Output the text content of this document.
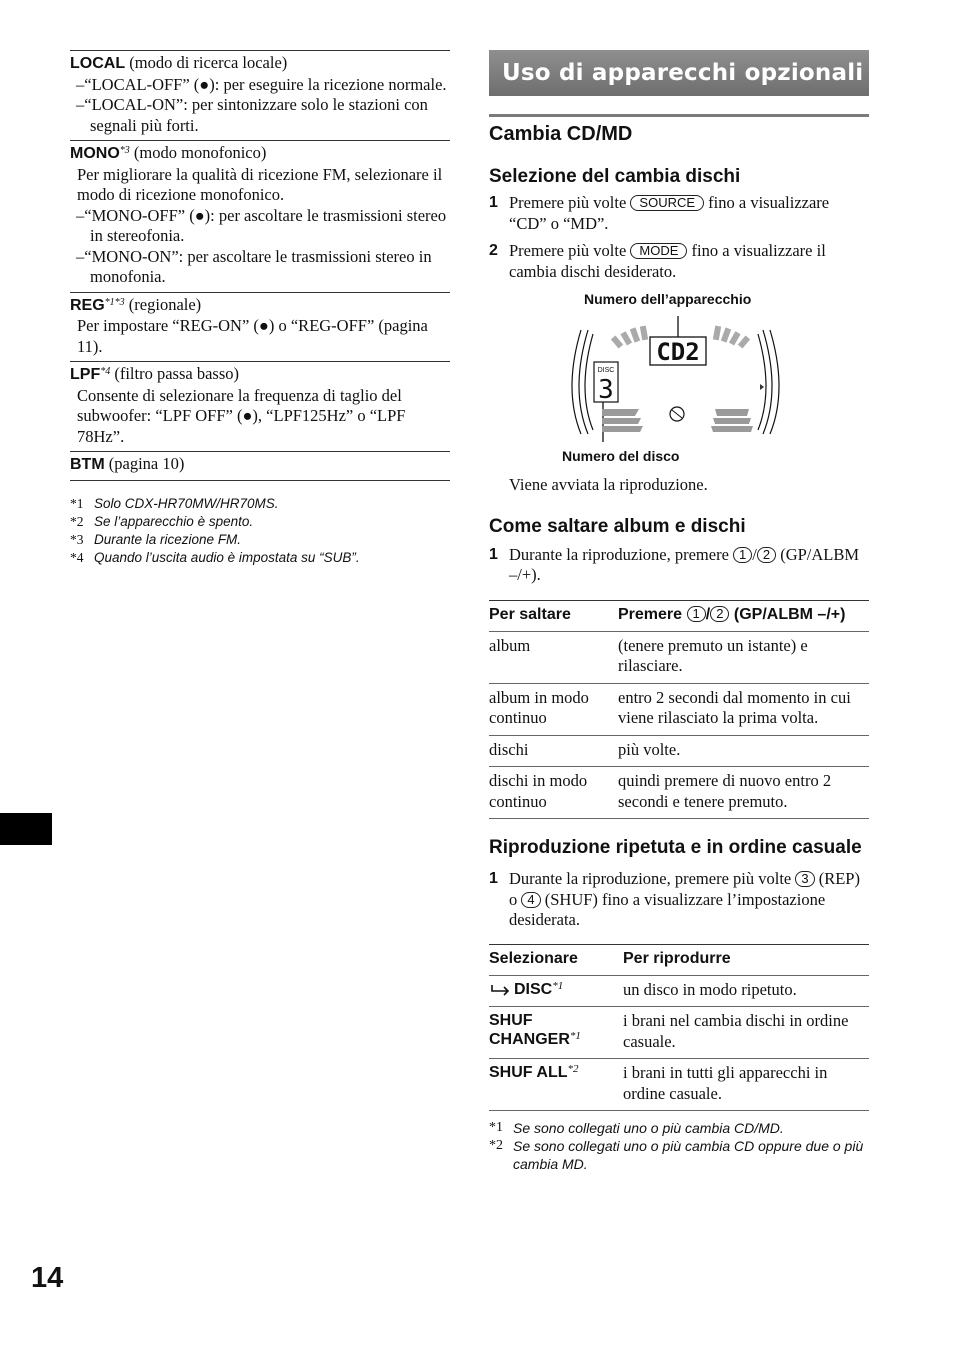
LOCAL (modo di ricerca locale)
–“LOCAL-OFF” (●): per eseguire la ricezione normale.
–“LOCAL-ON”: per sintonizzare solo le stazioni con segnali più forti.
MONO$^{*3}$ (modo monofonico)
Per migliorare la qualità di ricezione FM, selezionare il modo di ricezione monofonico.
–“MONO-OFF” (●): per ascoltare le trasmissioni stereo in stereofonia.
–“MONO-ON”: per ascoltare le trasmissioni stereo in monofonia.
$REG^{*1*3}$ (regionale)
Per impostare “REG-ON” (●) o “REG-OFF” (pagina 11).
LPF$^{*4}$ (filtro passa basso)
Consente di selezionare la frequenza di taglio del subwoofer: “LPF OFF” (●), “LPF125Hz” o “LPF 78Hz”.
BTM (pagina 10)
*1 Solo CDX-HR70MW/HR70MS.
*2 Se l’apparecchio è spento.
*3 Durante la ricezione FM.
*4 Quando l’uscita audio è impostata su “SUB”.
Uso di apparecchi opzionali
Cambia CD/MD
Selezione del cambia dischi
1 Premere più volte SOURCE fino a visualizzare “CD” o “MD”.
2 Premere più volte MODE fino a visualizzare il cambia dischi desiderato.
Numero dell’apparecchio
CD2
DISC
3
Numero del disco
Viene avviata la riproduzione.
Come saltare album e dischi
1 Durante la riproduzione, premere 1 / 2 (GP/ALBM –/+).
Per saltare	Premere 1 / 2 (GP/ALBM –/+)
album	(tenere premuto un istante) e rilasciare.
album in modo continuo	entro 2 secondi dal momento in cui viene rilasciato la prima volta.
dischi	più volte.
dischi in modo continuo	quindi premere di nuovo entro 2 secondi e tenere premuto.
Riproduzione ripetuta e in ordine casuale
1 Durante la riproduzione, premere più volte 3 (REP) o 4 (SHUF) fino a visualizzare l’impostazione desiderata.
Selezionare	Per riprodurre
DISC$^{*1}$	un disco in modo ripetuto.
SHUF CHANGER$^{*1}$	i brani nel cambia dischi in ordine casuale.
SHUF ALL$^{*2}$	i brani in tutti gli apparecchi in ordine casuale.
*1 Se sono collegati uno o più cambia CD/MD.
*2 Se sono collegati uno o più cambia CD oppure due o più cambia MD.
14
